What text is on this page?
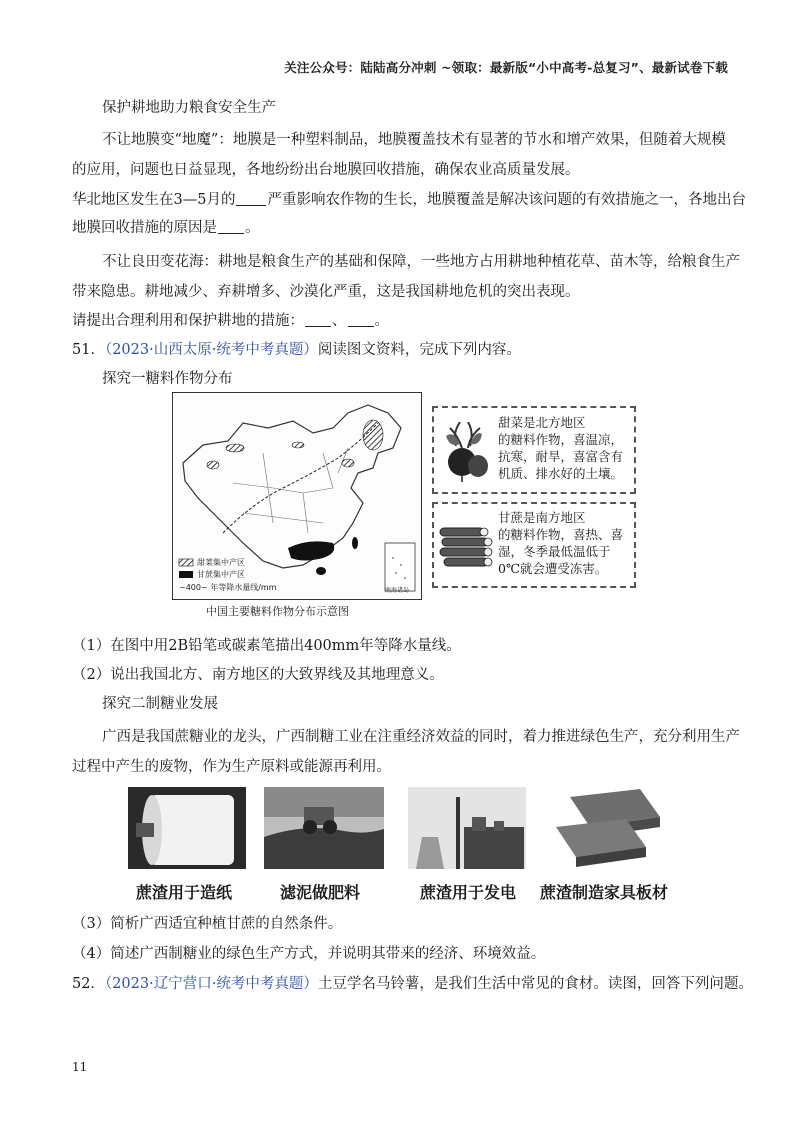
关注公众号：陆陆高分冲刺 ~领取：最新版“小中高考-总复习”、最新试卷下载
保护耕地助力粮食安全生产
不让地膜变“地魔”：地膜是一种塑料制品，地膜覆盖技术有显著的节水和增产效果，但随着大规模
的应用，问题也日益显现，各地纷纷出台地膜回收措施，确保农业高质量发展。
华北地区发生在3—5月的 严重影响农作物的生长，地膜覆盖是解决该问题的有效措施之一，各地出台
地膜回收措施的原因是 。
不让良田变花海：耕地是粮食生产的基础和保障，一些地方占用耕地种植花草、苗木等，给粮食生产
带来隐患。耕地减少、弃耕增多、沙漠化严重，这是我国耕地危机的突出表现。
请提出合理利用和保护耕地的措施： 、 。
51．（2023·山西太原·统考中考真题）阅读图文资料，完成下列内容。
探究一糖料作物分布
甜菜集中产区
甘蔗集中产区
~400~ 年等降水量线/mm	南海诸岛
中国主要糖料作物分布示意图
甜菜是北方地区
的糖料作物，喜温凉，
抗寒，耐旱，喜富含有
机质、排水好的土壤。
甘蔗是南方地区
的糖料作物，喜热、喜
湿，冬季最低温低于
0℃就会遭受冻害。
（1）在图中用2B铅笔或碳素笔描出400mm年等降水量线。
（2）说出我国北方、南方地区的大致界线及其地理意义。
探究二制糖业发展
广西是我国蔗糖业的龙头，广西制糖工业在注重经济效益的同时，着力推进绿色生产，充分利用生产
过程中产生的废物，作为生产原料或能源再利用。
蔗渣用于造纸	滤泥做肥料	蔗渣用于发电 蔗渣制造家具板材
（3）简析广西适宜种植甘蔗的自然条件。
（4）简述广西制糖业的绿色生产方式，并说明其带来的经济、环境效益。
52．（2023·辽宁营口·统考中考真题）土豆学名马铃薯，是我们生活中常见的食材。读图，回答下列问题。
11
